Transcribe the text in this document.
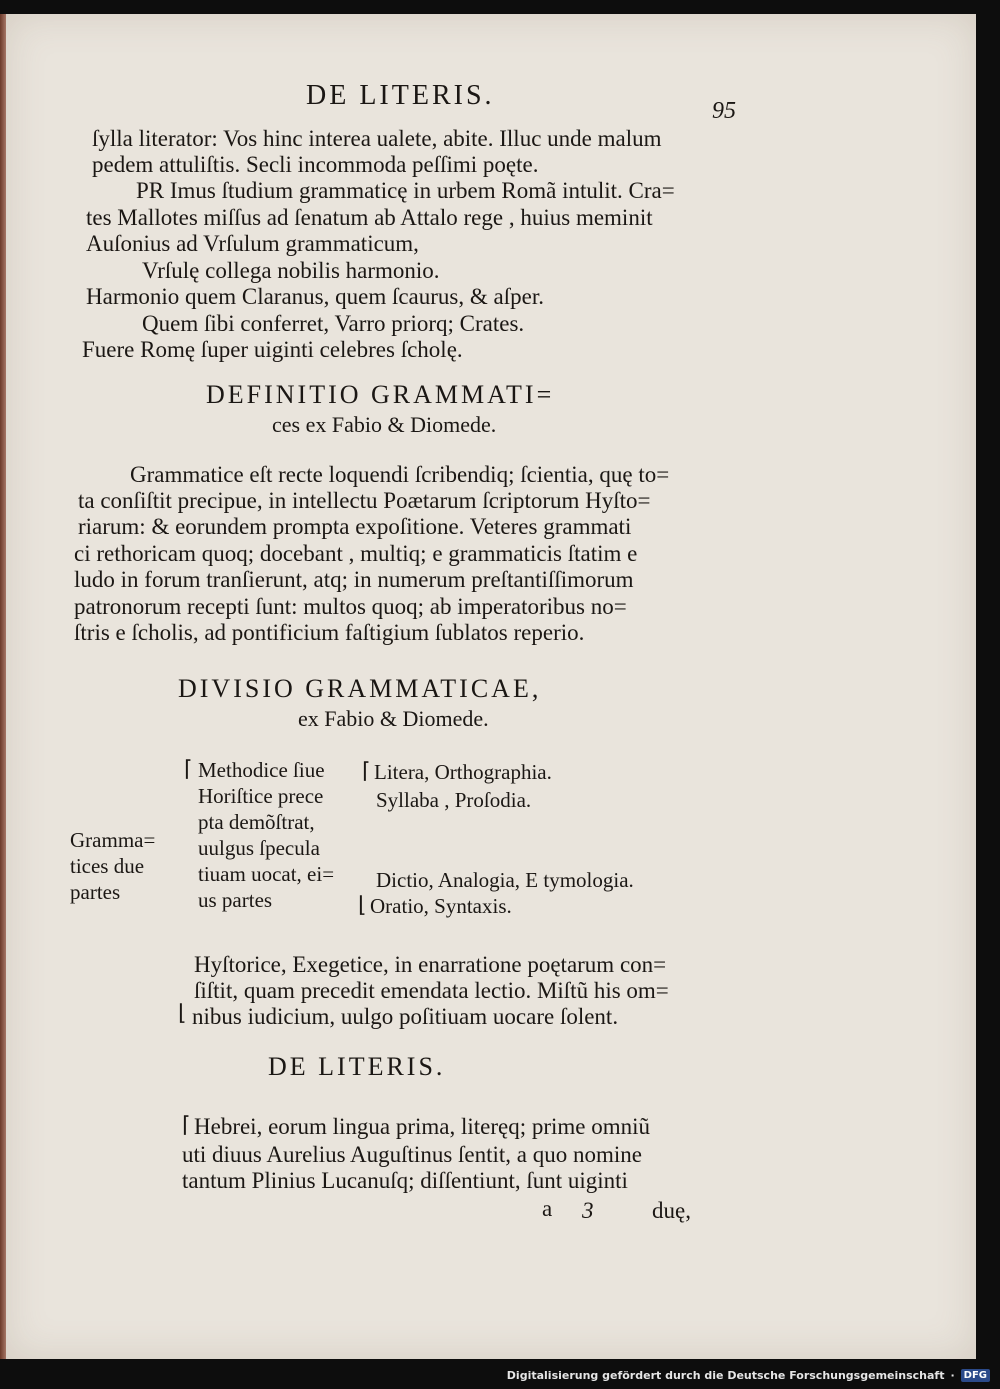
DE LITERIS.	95
ſylla literator: Vos hinc interea ualete, abite. Illuc unde malum
pedem attuliſtis. Secli incommoda peſſimi poęte.
PR Imus ſtudium grammaticę in urbem Romã intulit. Cra=
tes Mallotes miſſus ad ſenatum ab Attalo rege , huius meminit
Auſonius ad Vrſulum grammaticum,
Vrſulę collega nobilis harmonio.
Harmonio quem Claranus, quem ſcaurus, & aſper.
Quem ſibi conferret, Varro priorq; Crates.
Fuere Romę ſuper uiginti celebres ſcholę.
DEFINITIO GRAMMATI=
ces ex Fabio & Diomede.
Grammatice eſt recte loquendi ſcribendiq; ſcientia, quę to=
ta conſiſtit precipue, in intellectu Poætarum ſcriptorum Hyſto=
riarum: & eorundem prompta expoſitione. Veteres grammati
ci rethoricam quoq; docebant , multiq; e grammaticis ſtatim e
ludo in forum tranſierunt, atq; in numerum preſtantiſſimorum
patronorum recepti ſunt: multos quoq; ab imperatoribus no=
ſtris e ſcholis, ad pontificium faſtigium ſublatos reperio.
DIVISIO GRAMMATICAE,
ex Fabio & Diomede.
Gramma=
tices due
partes
⌈ Methodice ſiue
Horiſtice prece
pta demõſtrat,
uulgus ſpecula
tiuam uocat, ei=
us partes
⌈ Litera, Orthographia.
Syllaba , Proſodia.
Dictio, Analogia, E tymologia.
⌊ Oratio, Syntaxis.
Hyſtorice, Exegetice, in enarratione poętarum con=
ſiſtit, quam precedit emendata lectio. Miſtũ his om=
⌊ nibus iudicium, uulgo poſitiuam uocare ſolent.
DE LITERIS.
⌈ Hebrei, eorum lingua prima, literęq; prime omniũ
uti diuus Aurelius Auguſtinus ſentit, a quo nomine
tantum Plinius Lucanuſq; diſſentiunt, ſunt uiginti
a 3	duę,
Digitalisierung gefördert durch die Deutsche Forschungsgemeinschaft · DFG
